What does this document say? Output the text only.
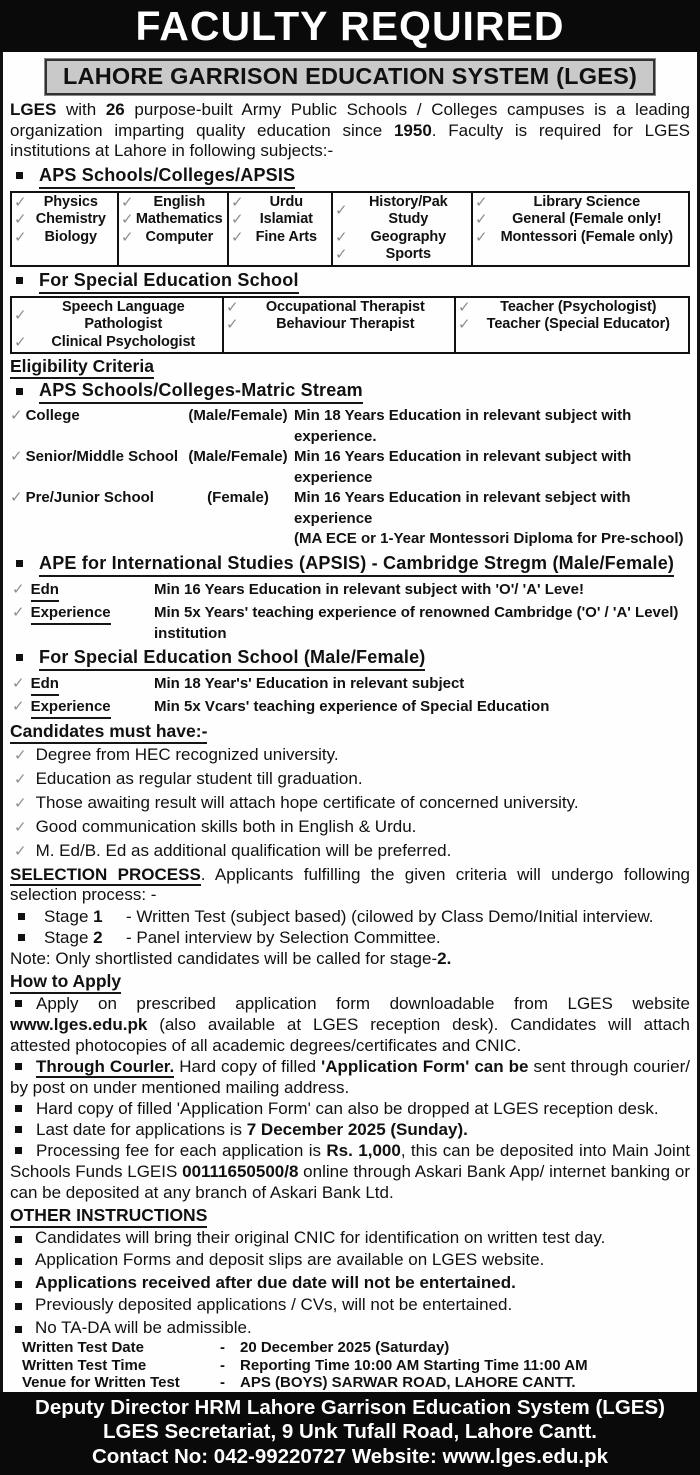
FACULTY REQUIRED
LAHORE GARRISON EDUCATION SYSTEM (LGES)

LGES with 26 purpose-built Army Public Schools / Colleges campuses is a leading organization imparting quality education since 1950. Faculty is required for LGES institutions at Lahore in following subjects:-

APS Schools/Colleges/APSIS
✓	Physics
✓ Chemistry
✓	Biology

✓	English
✓ Mathematics
✓ Computer

✓	Urdu
✓	Islamiat
✓ Fine Arts

✓
History/Pak Study
✓	Geography
✓	Sports

✓	Library Science
✓	General (Female only!
✓ Montessori (Female only)
For Special Education School
✓
Speech Language Pathologist
✓	Clinical Psychologist

✓	Occupational Therapist
✓	Behaviour Therapist

✓	Teacher (Psychologist)
✓	Teacher (Special Educator)
Eligibility Criteria
APS Schools/Colleges-Matric Stream
✓ College	(Male/Female) Min 18 Years Education in relevant subject with experience.
✓ Senior/Middle School (Male/Female) Min 16 Years Education in relevant subject with experience
✓ Pre/Junior School	(Female)	Min 16 Years Education in relevant sebject with experience
(MA ECE or 1-Year Montessori Diploma for Pre-school)
APE for International Studies (APSIS) - Cambridge Stregm (Male/Female)
✓ Edn	Min 16 Years Education in relevant subject with 'O'/ 'A' Leve!
✓ Experience	Min 5x Years' teaching experience of renowned Cambridge ('O' / 'A' Level) institution
For Special Education School (Male/Female)
✓ Edn	Min 18 Year's' Education in relevant subject
✓ Experience	Min 5x Vcars' teaching experience of Special Education
Candidates must have:-
✓ Degree from HEC recognized university.
✓ Education as regular student till graduation.
✓ Those awaiting result will attach hope certificate of concerned university.
✓ Good communication skills both in English & Urdu.
✓ M. Ed/B. Ed as additional qualification will be preferred.

SELECTION PROCESS. Applicants fulfilling the given criteria will undergo following selection process: -

Stage 1	- Written Test (subject based) (cilowed by Class Demo/Initial interview.
Stage 2	- Panel interview by Selection Committee.
Note: Only shortlisted candidates will be called for stage-2.
How to Apply

Apply on prescribed application form downloadable from LGES website www.lges.edu.pk (also available at LGES reception desk). Candidates will attach attested photocopies of all academic degrees/certificates and CNIC.

Through Courler. Hard copy of filled 'Application Form' can be sent through courier/ by post on under mentioned mailing address.

Hard copy of filled 'Application Form' can also be dropped at LGES reception desk.

Last date for applications is 7 December 2025 (Sunday).

Processing fee for each application is Rs. 1,000, this can be deposited into Main Joint Schools Funds LGEIS 00111650500/8 online through Askari Bank App/ internet banking or can be deposited at any branch of Askari Bank Ltd.

OTHER INSTRUCTIONS
Candidates will bring their original CNIC for identification on written test day.
Application Forms and deposit slips are available on LGES website.
Applications received after due date will not be entertained.
Previously deposited applications / CVs, will not be entertained.
No TA-DA will be admissible.
Written Test Date	-	20 December 2025 (Saturday)
Written Test Time	-	Reporting Time 10:00 AM Starting Time 11:00 AM
Venue for Written Test	-	APS (BOYS) SARWAR ROAD, LAHORE CANTT.
Deputy Director HRM Lahore Garrison Education System (LGES)
LGES Secretariat, 9 Unk Tufall Road, Lahore Cantt.
Contact No: 042-99220727 Website: www.lges.edu.pk
